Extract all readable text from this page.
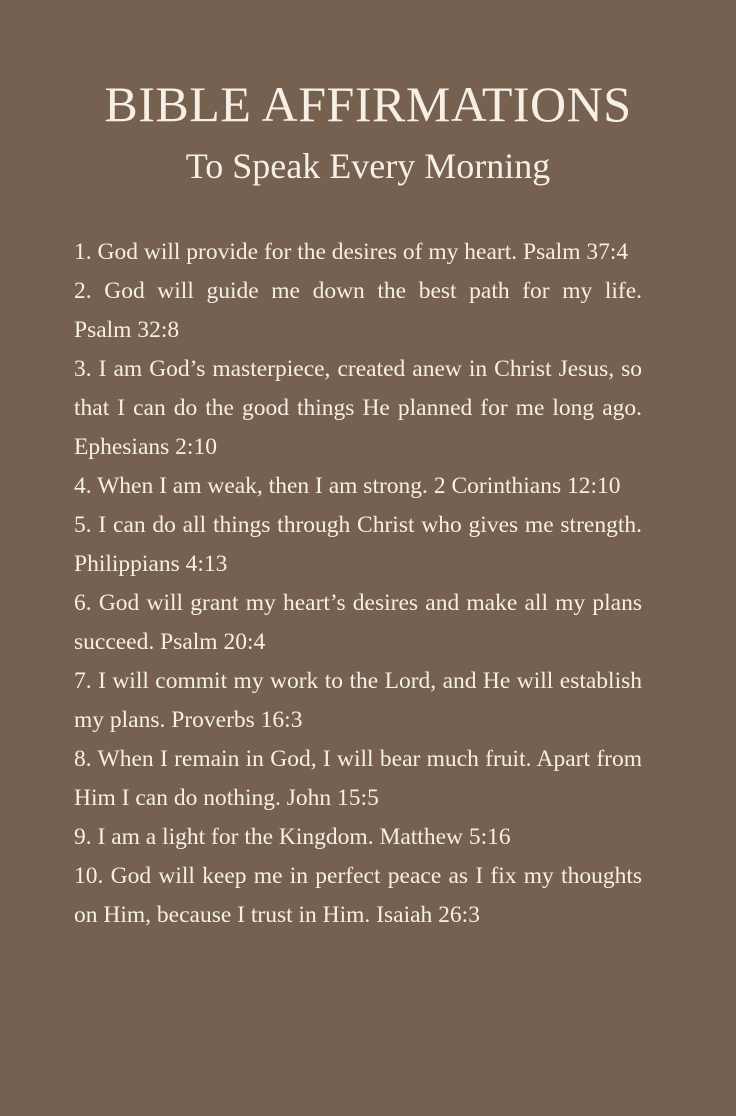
BIBLE AFFIRMATIONS
To Speak Every Morning
1. God will provide for the desires of my heart. Psalm 37:4
2. God will guide me down the best path for my life. Psalm 32:8
3. I am God’s masterpiece, created anew in Christ Jesus, so that I can do the good things He planned for me long ago. Ephesians 2:10
4. When I am weak, then I am strong. 2 Corinthians 12:10
5. I can do all things through Christ who gives me strength. Philippians 4:13
6. God will grant my heart’s desires and make all my plans succeed. Psalm 20:4
7. I will commit my work to the Lord, and He will establish my plans. Proverbs 16:3
8. When I remain in God, I will bear much fruit. Apart from Him I can do nothing. John 15:5
9. I am a light for the Kingdom. Matthew 5:16
10. God will keep me in perfect peace as I fix my thoughts on Him, because I trust in Him. Isaiah 26:3
